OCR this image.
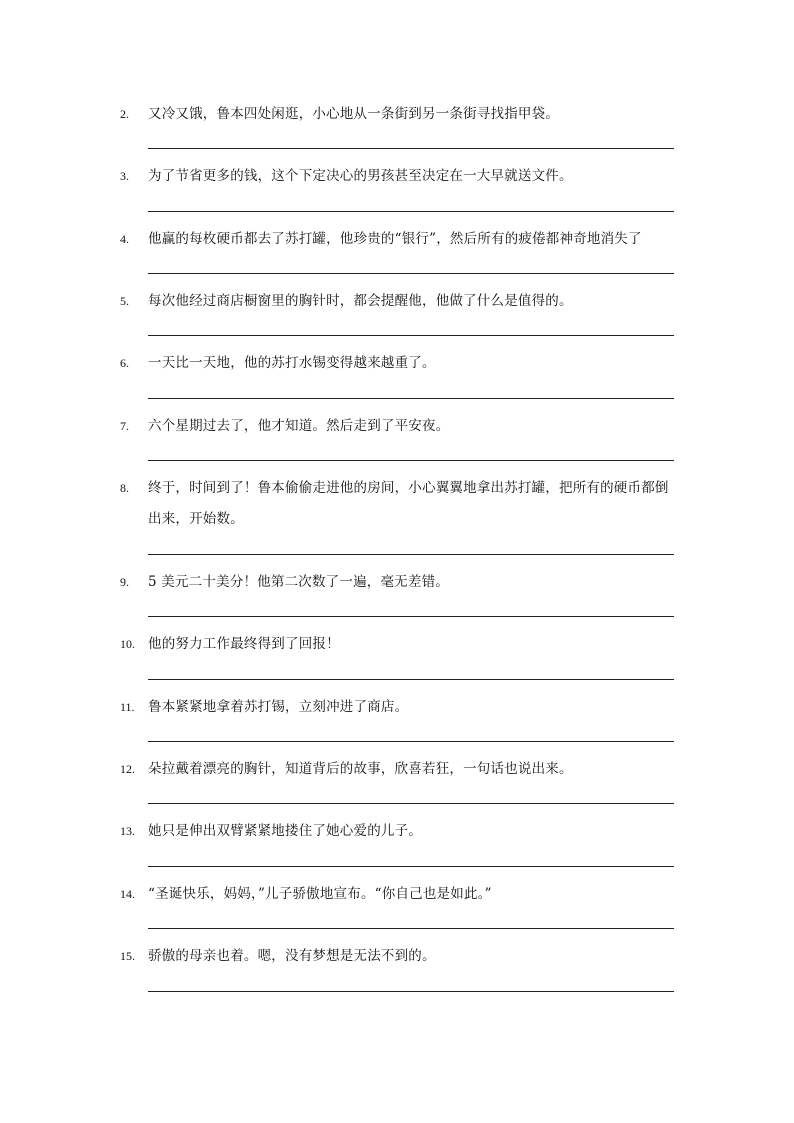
2.	又冷又饿，鲁本四处闲逛，小心地从一条街到另一条街寻找指甲袋。
3.	为了节省更多的钱，这个下定决心的男孩甚至决定在一大早就送文件。
4.	他赢的每枚硬币都去了苏打罐，他珍贵的“银行”，然后所有的疲倦都神奇地消失了
5.	每次他经过商店橱窗里的胸针时，都会提醒他，他做了什么是值得的。
6.	一天比一天地，他的苏打水锡变得越来越重了。
7.	六个星期过去了，他才知道。然后走到了平安夜。
8.	终于，时间到了！鲁本偷偷走进他的房间，小心翼翼地拿出苏打罐，把所有的硬币都倒出来，开始数。
9.	5 美元二十美分！他第二次数了一遍，毫无差错。
10. 他的努力工作最终得到了回报！
11. 鲁本紧紧地拿着苏打锡，立刻冲进了商店。
12. 朵拉戴着漂亮的胸针，知道背后的故事，欣喜若狂，一句话也说出来。
13. 她只是伸出双臂紧紧地搂住了她心爱的儿子。
14. “圣诞快乐，妈妈，”儿子骄傲地宣布。“你自己也是如此。”
15. 骄傲的母亲也着。嗯，没有梦想是无法不到的。
